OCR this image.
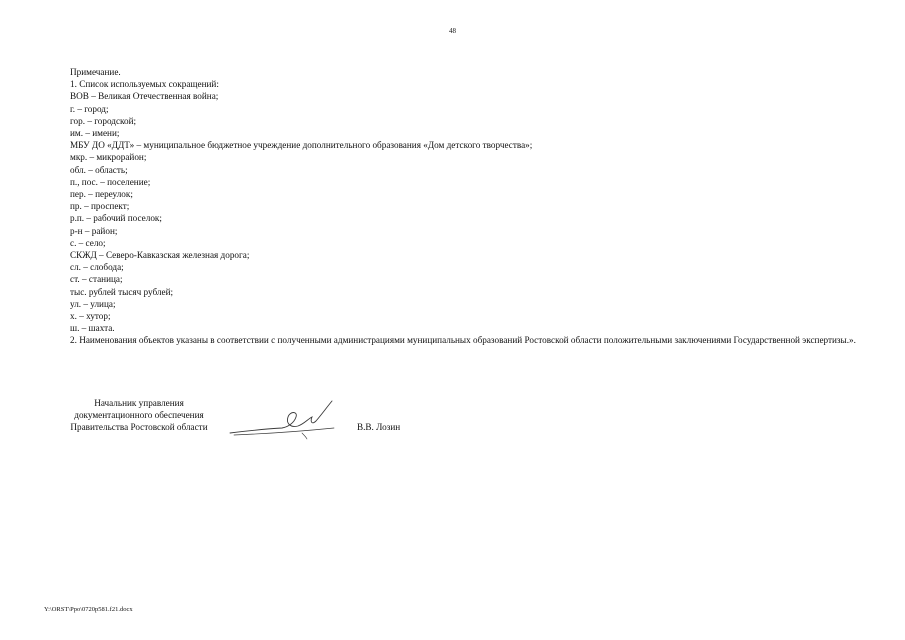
48
Примечание.
1. Список используемых сокращений:
ВОВ – Великая Отечественная война;
г. – город;
гор. – городской;
им. – имени;
МБУ ДО «ДДТ» – муниципальное бюджетное учреждение дополнительного образования «Дом детского творчества»;
мкр. – микрорайон;
обл. – область;
п., пос. – поселение;
пер. – переулок;
пр. – проспект;
р.п. – рабочий поселок;
р-н – район;
с. – село;
СКЖД – Северо-Кавказская железная дорога;
сл. – слобода;
ст. – станица;
тыс. рублей тысяч рублей;
ул. – улица;
х. – хутор;
ш. – шахта.
2. Наименования объектов указаны в соответствии с полученными администрациями муниципальных образований Ростовской области положительными заключениями Государственной экспертизы.».
Начальник управления
документационного обеспечения
Правительства Ростовской области	В.В. Лозин
Y:\ORST\Ppo\0720p581.f21.docx
